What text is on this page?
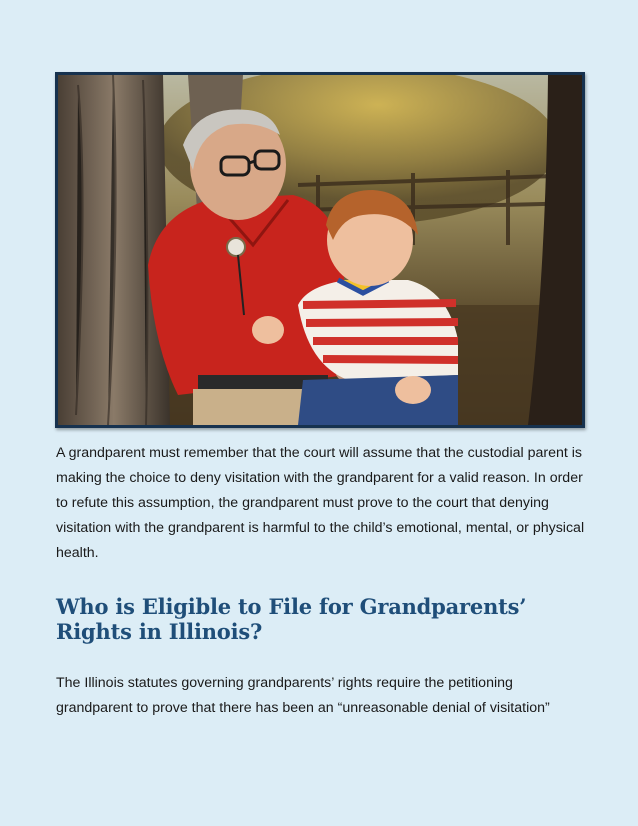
A grandparent must remember that the court will assume that the custodial parent is making the choice to deny visitation with the grandparent for a valid reason. In order to refute this assumption, the grandparent must prove to the court that denying visitation with the grandparent is harmful to the child’s emotional, mental, or physical health.

Who is Eligible to File for Grandparents’ Rights in Illinois?

The Illinois statutes governing grandparents’ rights require the petitioning grandparent to prove that there has been an “unreasonable denial of visitation”
